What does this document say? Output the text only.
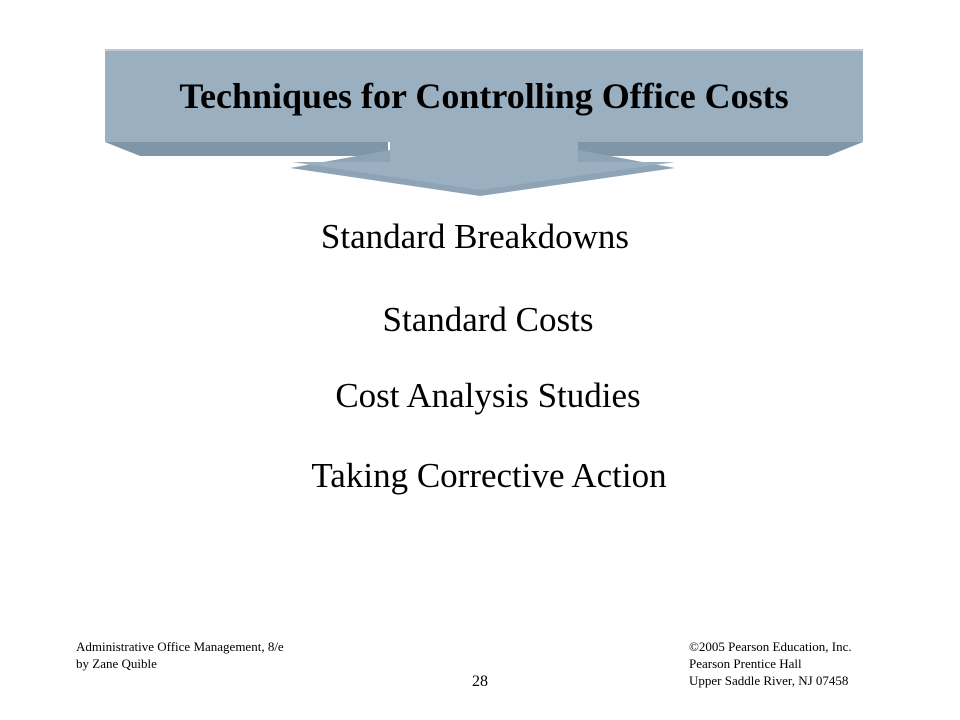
Techniques for Controlling Office Costs
Standard Breakdowns
Standard Costs
Cost Analysis Studies
Taking Corrective Action
Administrative Office Management, 8/e
by Zane Quible
©2005 Pearson Education, Inc.
Pearson Prentice Hall
Upper Saddle River, NJ 07458
28
